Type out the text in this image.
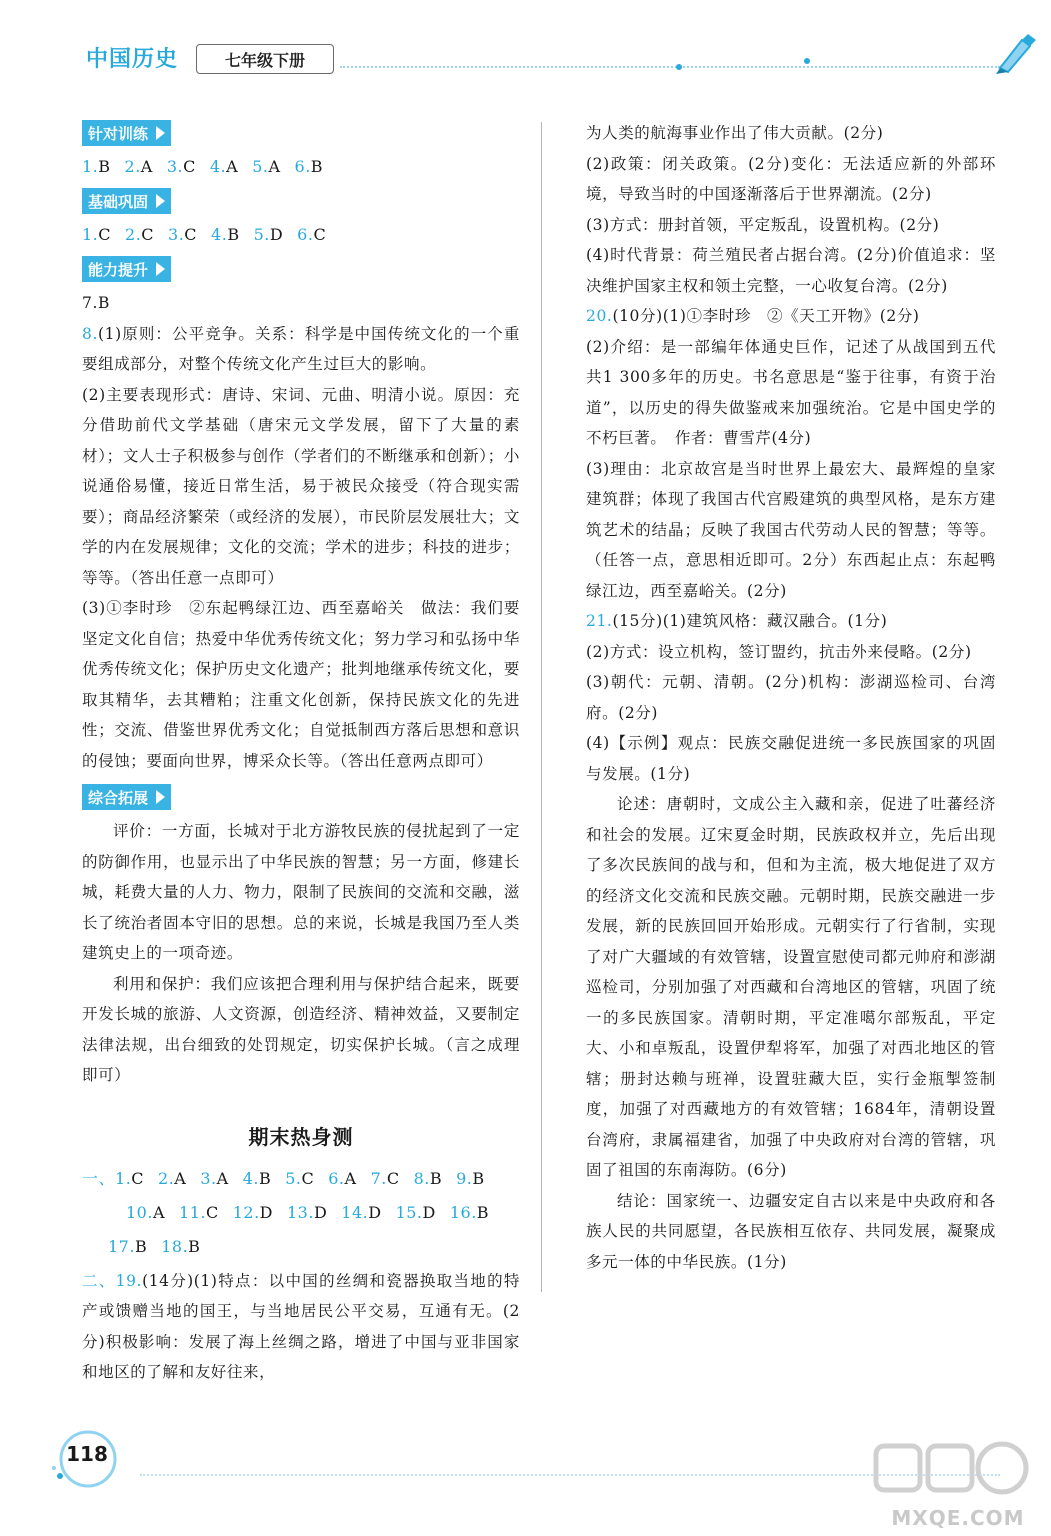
中国历史	七年级下册
针对训练
1.B 2.A 3.C 4.A 5.A 6.B
基础巩固
1.C 2.C 3.C 4.B 5.D 6.C
能力提升

7.B

8.(1)原则：公平竞争。关系：科学是中国传统文化的一个重要组成部分，对整个传统文化产生过巨大的影响。

(2)主要表现形式：唐诗、宋词、元曲、明清小说。原因：充分借助前代文学基础（唐宋元文学发展，留下了大量的素材）；文人士子积极参与创作（学者们的不断继承和创新）；小说通俗易懂，接近日常生活，易于被民众接受（符合现实需要）；商品经济繁荣（或经济的发展），市民阶层发展壮大；文学的内在发展规律；文化的交流；学术的进步；科技的进步；等等。（答出任意一点即可）

(3)①李时珍　②东起鸭绿江边、西至嘉峪关　做法：我们要坚定文化自信；热爱中华优秀传统文化；努力学习和弘扬中华优秀传统文化；保护历史文化遗产；批判地继承传统文化，要取其精华，去其糟粕；注重文化创新，保持民族文化的先进性；交流、借鉴世界优秀文化；自觉抵制西方落后思想和意识的侵蚀；要面向世界，博采众长等。（答出任意两点即可）

综合拓展

评价：一方面，长城对于北方游牧民族的侵扰起到了一定的防御作用，也显示出了中华民族的智慧；另一方面，修建长城，耗费大量的人力、物力，限制了民族间的交流和交融，滋长了统治者固本守旧的思想。总的来说，长城是我国乃至人类建筑史上的一项奇迹。

利用和保护：我们应该把合理利用与保护结合起来，既要开发长城的旅游、人文资源，创造经济、精神效益，又要制定法律法规，出台细致的处罚规定，切实保护长城。（言之成理即可）

期末热身测
一、1.C 2.A 3.A 4.B 5.C 6.A 7.C 8.B 9.B
10.A 11.C 12.D 13.D 14.D 15.D 16.B
17.B 18.B

二、19.(14分)(1)特点：以中国的丝绸和瓷器换取当地的特产或馈赠当地的国王，与当地居民公平交易，互通有无。(2分)积极影响：发展了海上丝绸之路，增进了中国与亚非国家和地区的了解和友好往来，

为人类的航海事业作出了伟大贡献。(2分)

(2)政策：闭关政策。(2分)变化：无法适应新的外部环境，导致当时的中国逐渐落后于世界潮流。(2分)

(3)方式：册封首领，平定叛乱，设置机构。(2分)

(4)时代背景：荷兰殖民者占据台湾。(2分)价值追求：坚决维护国家主权和领土完整，一心收复台湾。(2分)

20.(10分)(1)①李时珍　②《天工开物》(2分)

(2)介绍：是一部编年体通史巨作，记述了从战国到五代共1 300多年的历史。书名意思是“鉴于往事，有资于治道”，以历史的得失做鉴戒来加强统治。它是中国史学的不朽巨著。　作者：曹雪芹(4分)

(3)理由：北京故宫是当时世界上最宏大、最辉煌的皇家建筑群；体现了我国古代宫殿建筑的典型风格，是东方建筑艺术的结晶；反映了我国古代劳动人民的智慧；等等。（任答一点，意思相近即可。2分）东西起止点：东起鸭绿江边，西至嘉峪关。(2分)

21.(15分)(1)建筑风格：藏汉融合。(1分)

(2)方式：设立机构，签订盟约，抗击外来侵略。(2分)

(3)朝代：元朝、清朝。(2分)机构：澎湖巡检司、台湾府。(2分)

(4)【示例】观点：民族交融促进统一多民族国家的巩固与发展。(1分)

论述：唐朝时，文成公主入藏和亲，促进了吐蕃经济和社会的发展。辽宋夏金时期，民族政权并立，先后出现了多次民族间的战与和，但和为主流，极大地促进了双方的经济文化交流和民族交融。元朝时期，民族交融进一步发展，新的民族回回开始形成。元朝实行了行省制，实现了对广大疆域的有效管辖，设置宣慰使司都元帅府和澎湖巡检司，分别加强了对西藏和台湾地区的管辖，巩固了统一的多民族国家。清朝时期，平定准噶尔部叛乱，平定大、小和卓叛乱，设置伊犁将军，加强了对西北地区的管辖；册封达赖与班禅，设置驻藏大臣，实行金瓶掣签制度，加强了对西藏地方的有效管辖；1684年，清朝设置台湾府，隶属福建省，加强了中央政府对台湾的管辖，巩固了祖国的东南海防。(6分)

结论：国家统一、边疆安定自古以来是中央政府和各族人民的共同愿望，各民族相互依存、共同发展，凝聚成多元一体的中华民族。(1分)

118
MXQE.COM
